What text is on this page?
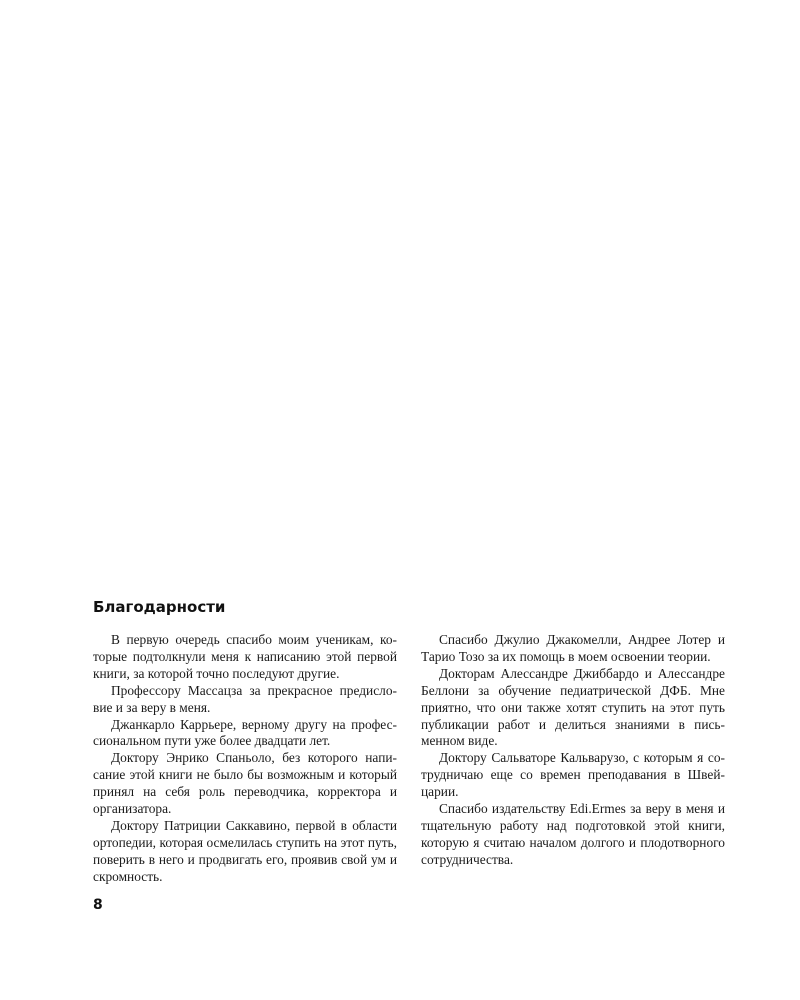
Благодарности

В первую очередь спасибо моим ученикам, которые подтолкнули меня к написанию этой первой книги, за которой точно последуют другие.

Профессору Массацза за прекрасное предисловие и за веру в меня.

Джанкарло Каррьере, верному другу на профессиональном пути уже более двадцати лет.

Доктору Энрико Спаньоло, без которого написание этой книги не было бы возможным и который принял на себя роль переводчика, корректора и организатора.

Доктору Патриции Саккавино, первой в области ортопедии, которая осмелилась ступить на этот путь, поверить в него и продвигать его, проявив свой ум и скромность.

Спасибо Джулио Джакомелли, Андрее Лотер и Тарио Тозо за их помощь в моем освоении теории.

Докторам Алессандре Джиббардо и Алессандре Беллони за обучение педиатрической ДФБ. Мне приятно, что они также хотят ступить на этот путь публикации работ и делиться знаниями в письменном виде.

Доктору Сальваторе Кальварузо, с которым я сотрудничаю еще со времен преподавания в Швейцарии.

Спасибо издательству Edi.Ermes за веру в меня и тщательную работу над подготовкой этой книги, которую я считаю началом долгого и плодотворного сотрудничества.

8
